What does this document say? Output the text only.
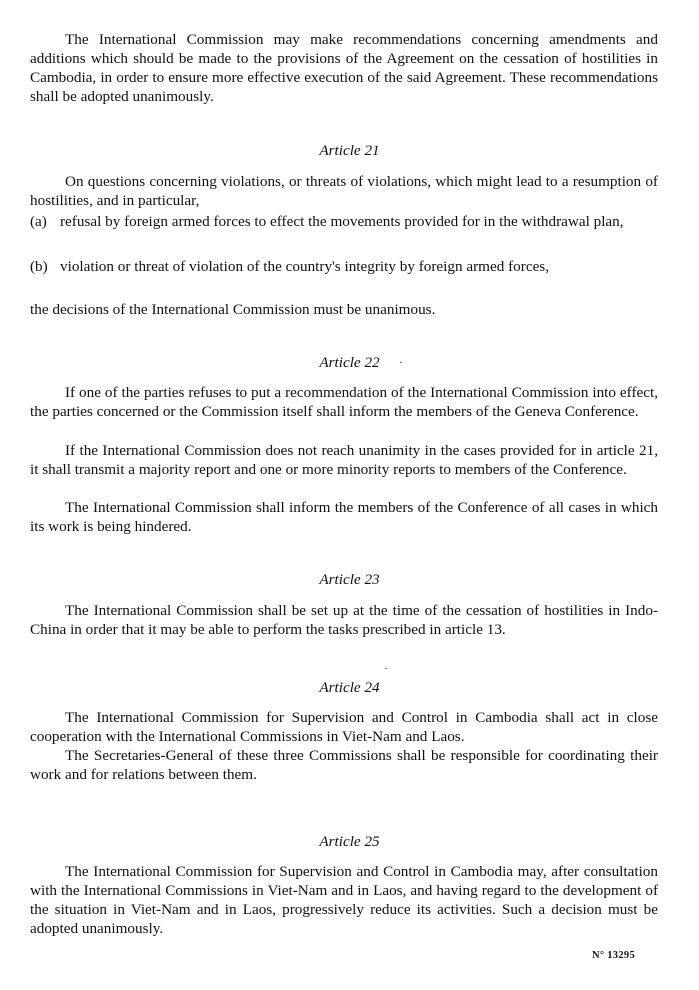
The International Commission may make recommendations concerning amendments and additions which should be made to the provisions of the Agreement on the cessation of hostilities in Cambodia, in order to ensure more effective execution of the said Agreement. These recommendations shall be adopted unanimously.

Article 21

On questions concerning violations, or threats of violations, which might lead to a resumption of hostilities, and in particular,

(a) refusal by foreign armed forces to effect the movements provided for in the withdrawal plan,
(b) violation or threat of violation of the country's integrity by foreign armed forces,

the decisions of the International Commission must be unanimous.

Article 22	·

If one of the parties refuses to put a recommendation of the International Commission into effect, the parties concerned or the Commission itself shall inform the members of the Geneva Conference.

If the International Commission does not reach unanimity in the cases provided for in article 21, it shall transmit a majority report and one or more minority reports to members of the Conference.

The International Commission shall inform the members of the Conference of all cases in which its work is being hindered.

Article 23

The International Commission shall be set up at the time of the cessation of hostilities in Indo-China in order that it may be able to perform the tasks prescribed in article 13.

·

Article 24

The International Commission for Supervision and Control in Cambodia shall act in close cooperation with the International Commissions in Viet-Nam and Laos.

The Secretaries-General of these three Commissions shall be responsible for coordinating their work and for relations between them.

Article 25

The International Commission for Supervision and Control in Cambodia may, after consultation with the International Commissions in Viet-Nam and in Laos, and having regard to the development of the situation in Viet-Nam and in Laos, progressively reduce its activities. Such a decision must be adopted unanimously.

N° 13295
